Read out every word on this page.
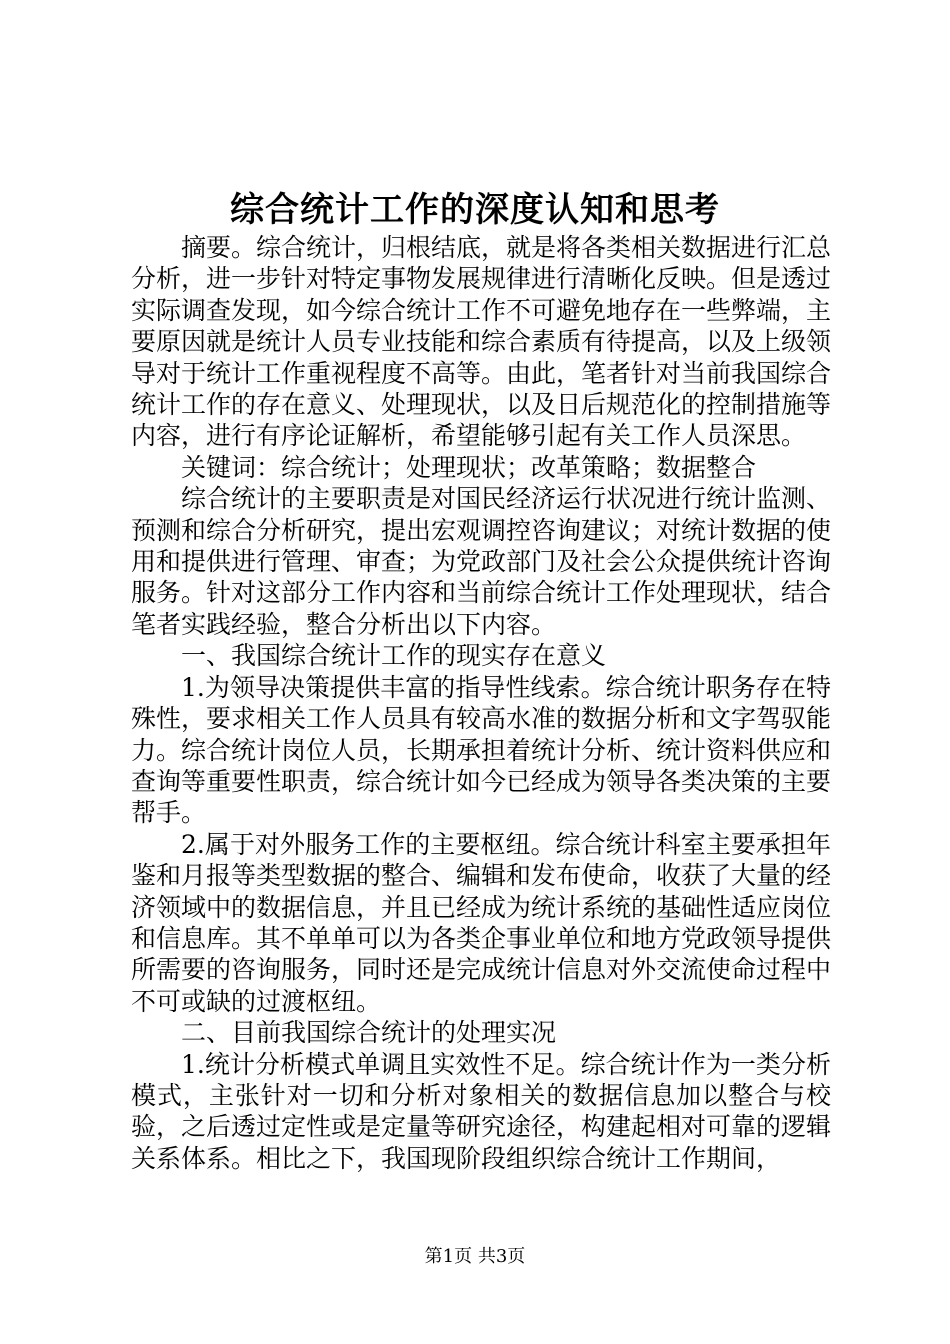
综合统计工作的深度认知和思考

摘要。综合统计，归根结底，就是将各类相关数据进行汇总分析，进一步针对特定事物发展规律进行清晰化反映。但是透过实际调查发现，如今综合统计工作不可避免地存在一些弊端，主要原因就是统计人员专业技能和综合素质有待提高，以及上级领导对于统计工作重视程度不高等。由此，笔者针对当前我国综合统计工作的存在意义、处理现状，以及日后规范化的控制措施等内容，进行有序论证解析，希望能够引起有关工作人员深思。

关键词：综合统计；处理现状；改革策略；数据整合

综合统计的主要职责是对国民经济运行状况进行统计监测、预测和综合分析研究，提出宏观调控咨询建议；对统计数据的使用和提供进行管理、审查；为党政部门及社会公众提供统计咨询服务。针对这部分工作内容和当前综合统计工作处理现状，结合笔者实践经验，整合分析出以下内容。

一、我国综合统计工作的现实存在意义

1.为领导决策提供丰富的指导性线索。综合统计职务存在特殊性，要求相关工作人员具有较高水准的数据分析和文字驾驭能力。综合统计岗位人员，长期承担着统计分析、统计资料供应和查询等重要性职责，综合统计如今已经成为领导各类决策的主要帮手。

2.属于对外服务工作的主要枢纽。综合统计科室主要承担年鉴和月报等类型数据的整合、编辑和发布使命，收获了大量的经济领域中的数据信息，并且已经成为统计系统的基础性适应岗位和信息库。其不单单可以为各类企事业单位和地方党政领导提供所需要的咨询服务，同时还是完成统计信息对外交流使命过程中不可或缺的过渡枢纽。

二、目前我国综合统计的处理实况

1.统计分析模式单调且实效性不足。综合统计作为一类分析模式，主张针对一切和分析对象相关的数据信息加以整合与校验，之后透过定性或是定量等研究途径，构建起相对可靠的逻辑关系体系。相比之下，我国现阶段组织综合统计工作期间，

第1页 共3页
